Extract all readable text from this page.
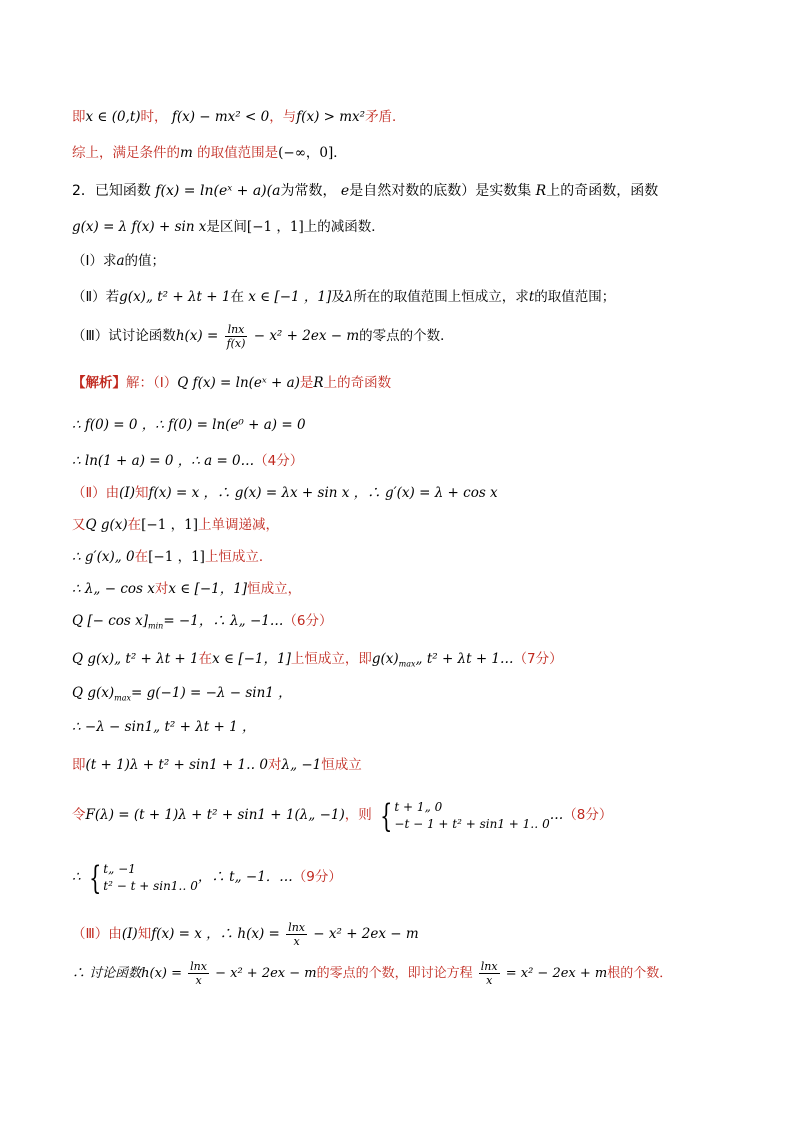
即x ∈ (0,t)时， f(x) − mx² < 0，与f(x) > mx²矛盾．
综上，满足条件的m 的取值范围是(−∞，0]．
2．已知函数 f(x) = ln(eˣ + a)(a为常数， e是自然对数的底数）是实数集 R上的奇函数，函数
g(x) = λ f(x) + sin x是区间[−1 ，1]上的减函数．
（Ⅰ）求a的值；
（Ⅱ）若g(x)„ t² + λt + 1在 x ∈ [−1 ，1]及λ所在的取值范围上恒成立，求t的取值范围；
（Ⅲ）试讨论函数$h(x) = \frac{\ln x}{f(x)} - x^2 + 2ex - m$的零点的个数．
【解析】解：（Ⅰ）Q f(x) = ln(eˣ + a)是R上的奇函数
∴ f(0) = 0 ，∴ f(0) = ln(e⁰ + a) = 0
∴ ln(1 + a) = 0 ，∴ a = 0…（4分）
（Ⅱ）由(I)知f(x) = x ，∴ g(x) = λx + sin x ，∴ g′(x) = λ + cos x
又Q g(x)在[−1 ，1]上单调递减，
∴ g′(x)„ 0在[−1 ，1]上恒成立．
∴ λ„ − cos x对x ∈ [−1，1]恒成立，
Q [− $\cos x]_{min}= -1$，∴ λ„ −1…（6分）
Q g(x)„ t² + λt + 1在x ∈ [−1，1]上恒成立，即$g(x)_{max}„$ t² + λt + 1…（7分）
Q $g(x)_{max}= g(-1) = -\lambda - \sin 1$ ，
∴ −λ − sin1„ t² + λt + 1 ，
即(t + 1)λ + t² + sin1 + 1‥ 0对λ„ −1恒成立
令F(λ) = (t + 1)λ + t² + sin1 + 1(λ„ −1)，则 { t + 1„ 0
−t − 1 + t² + sin1 + 1‥ 0
…（8分）
∴ { t„ −1
t² − t + sin1‥ 0
，∴ t„ −1．…（9分）
（Ⅲ）由(I)知f(x) = x ，∴ $h(x) = \frac{\ln x}{x} - x^2 + 2ex - m$
∴ 讨论函数$h(x) = \frac{\ln x}{x} - x^2 + 2ex - m$的零点的个数，即讨论方程 $\frac{\ln x}{x} = x^2 - 2ex + m$根的个数．
